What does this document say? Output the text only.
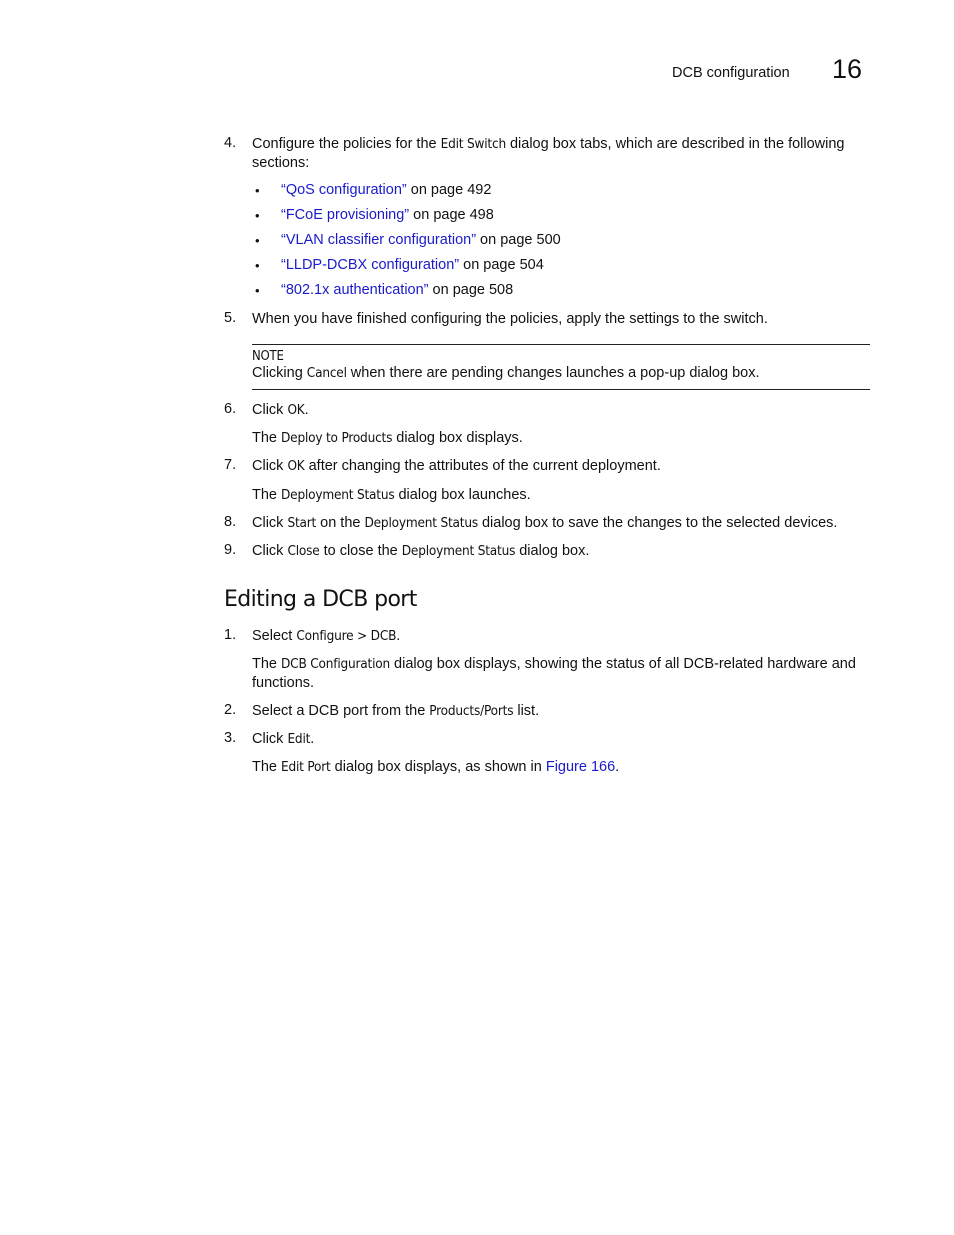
DCB configuration 16
4.	Configure the policies for the Edit Switch dialog box tabs, which are described in the following
sections:
• “QoS configuration” on page 492
• “FCoE provisioning” on page 498
• “VLAN classifier configuration” on page 500
• “LLDP-DCBX configuration” on page 504
• “802.1x authentication” on page 508
5.	When you have finished configuring the policies, apply the settings to the switch.
NOTE
Clicking Cancel when there are pending changes launches a pop-up dialog box.
6.	Click OK.
The Deploy to Products dialog box displays.
7.	Click OK after changing the attributes of the current deployment.
The Deployment Status dialog box launches.
8.	Click Start on the Deployment Status dialog box to save the changes to the selected devices.
9.	Click Close to close the Deployment Status dialog box.
Editing a DCB port
1.	Select Configure > DCB.
The DCB Configuration dialog box displays, showing the status of all DCB-related hardware and
functions.
2.	Select a DCB port from the Products/Ports list.
3.	Click Edit.
The Edit Port dialog box displays, as shown in Figure 166.
